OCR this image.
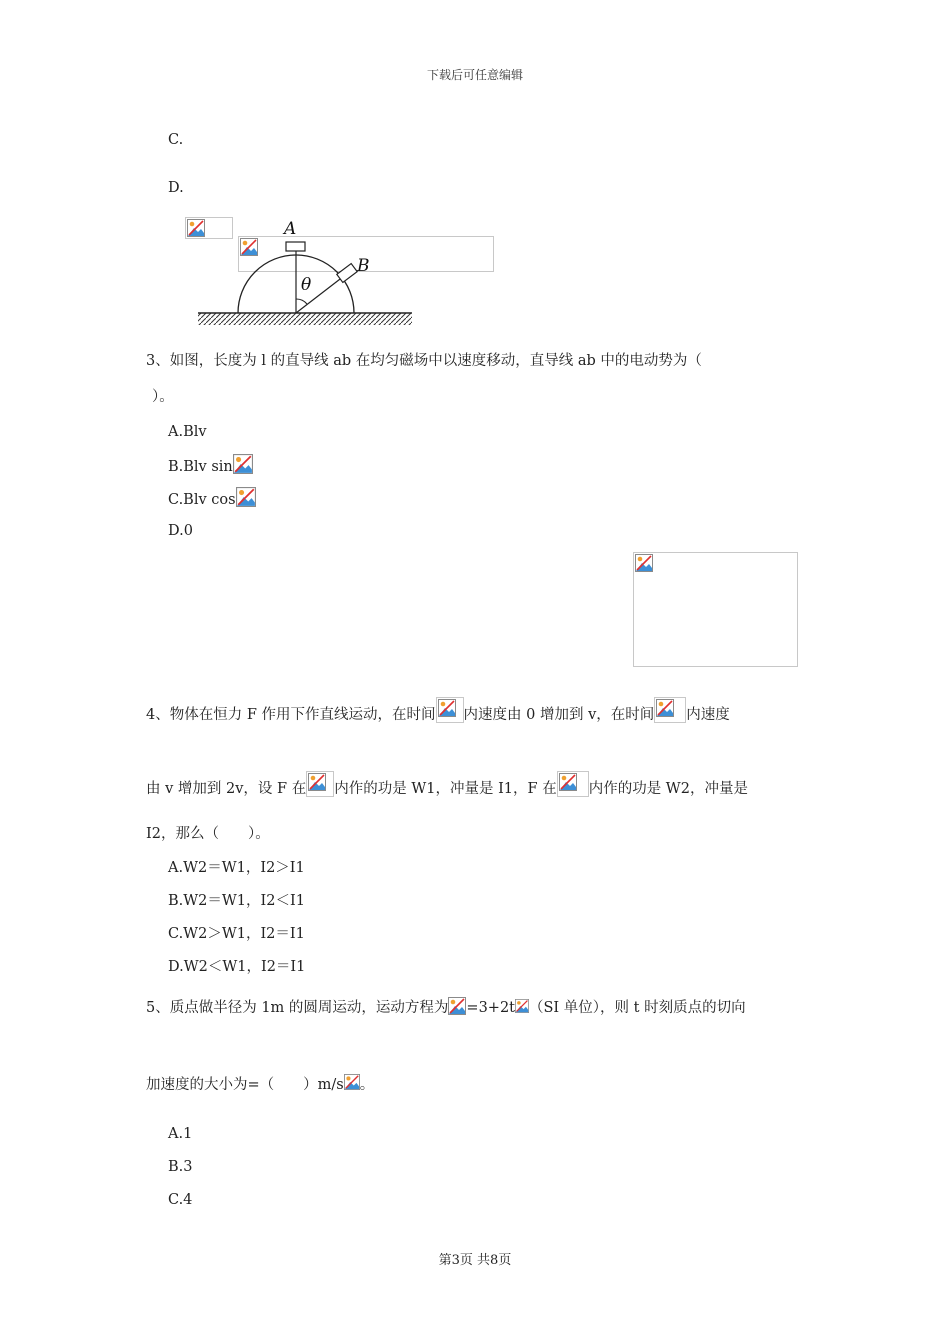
下载后可任意编辑
C.

D.

A
B
θ
3、如图，长度为 l 的直导线 ab 在均匀磁场中以速度移动，直导线 ab 中的电动势为（
）。
A.Blv
B.Blv sin
C.Blv cos
D.0
4、物体在恒力 F 作用下作直线运动，在时间 内速度由 0 增加到 v，在时间 内速度
由 v 增加到 2v，设 F 在 内作的功是 W1，冲量是 I1，F 在 内作的功是 W2，冲量是
I2，那么（　　）。
A.W2＝W1，I2＞I1
B.W2＝W1，I2＜I1
C.W2＞W1，I2＝I1
D.W2＜W1，I2＝I1
5、质点做半径为 1m 的圆周运动，运动方程为 =3+2t （SI 单位），则 t 时刻质点的切向
加速度的大小为=（　　）m/s 。
A.1
B.3
C.4
第3页 共8页
